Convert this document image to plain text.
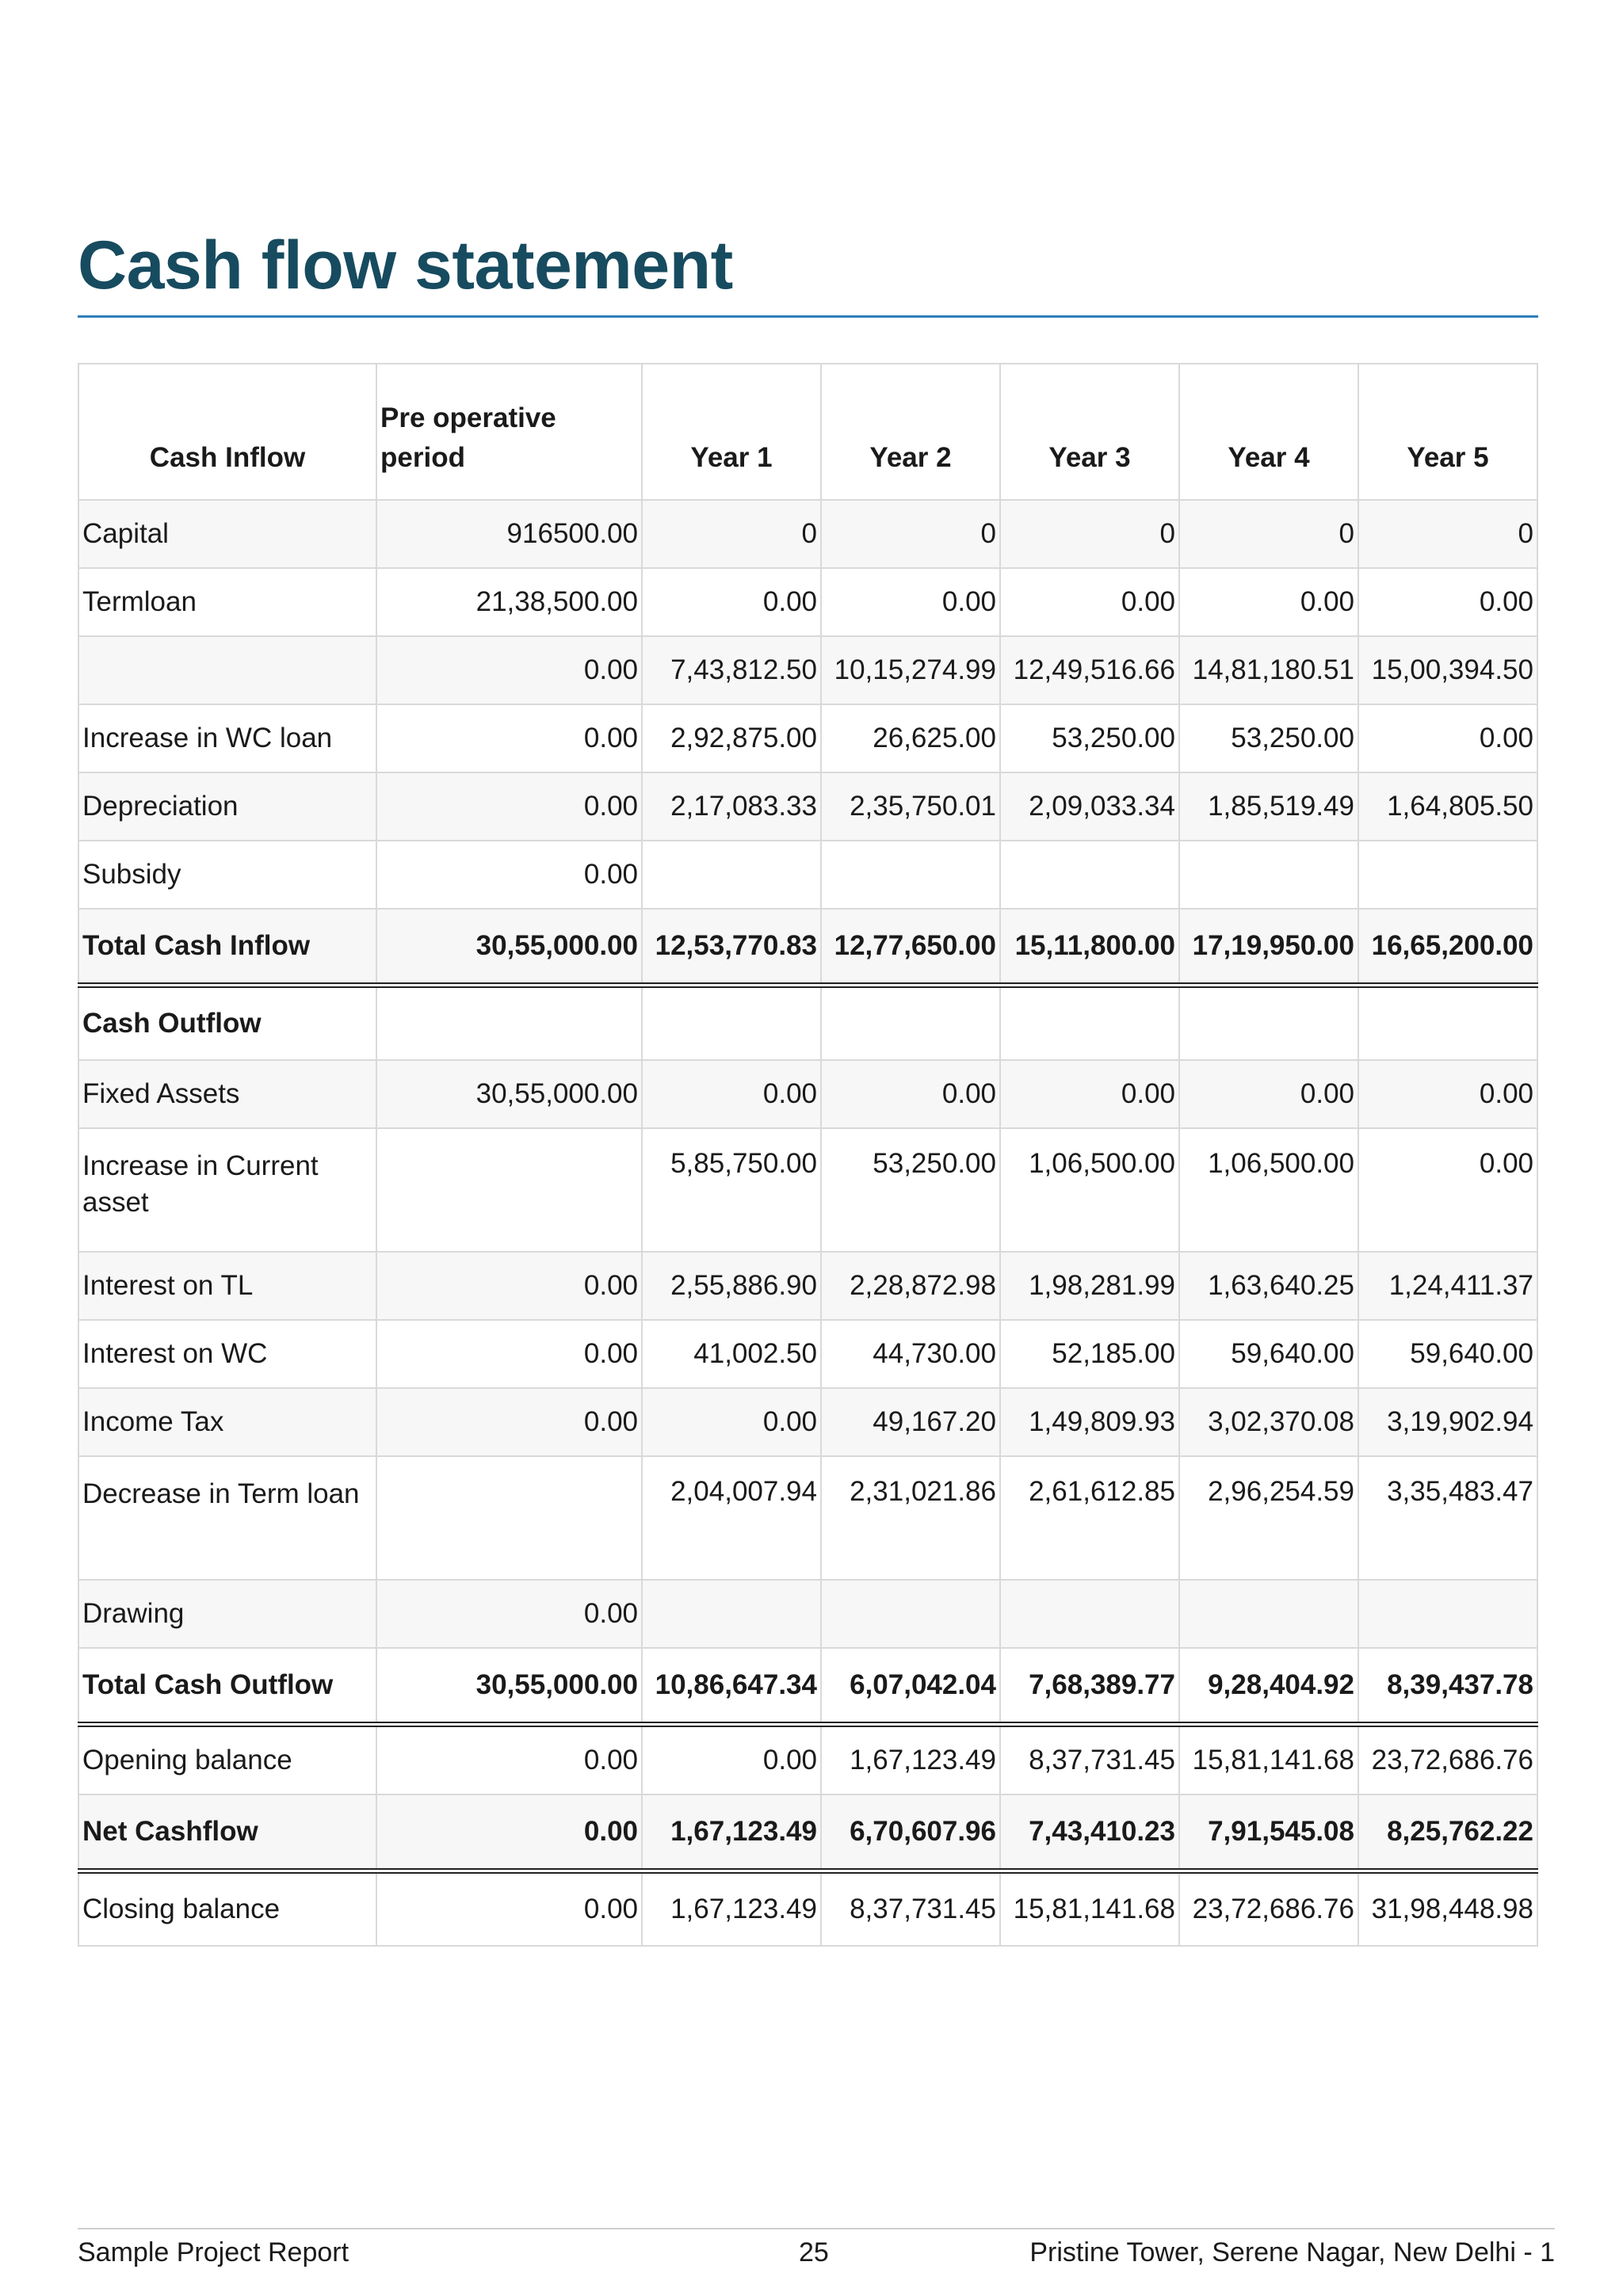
Cash flow statement
Cash Inflow	Pre operative period	Year 1	Year 2	Year 3	Year 4	Year 5
Capital	916500.00	0	0	0	0	0
Termloan	21,38,500.00	0.00	0.00	0.00	0.00	0.00
	0.00	7,43,812.50	10,15,274.99	12,49,516.66	14,81,180.51	15,00,394.50
Increase in WC loan	0.00	2,92,875.00	26,625.00	53,250.00	53,250.00	0.00
Depreciation	0.00	2,17,083.33	2,35,750.01	2,09,033.34	1,85,519.49	1,64,805.50
Subsidy	0.00					
Total Cash Inflow	30,55,000.00	12,53,770.83	12,77,650.00	15,11,800.00	17,19,950.00	16,65,200.00
Cash Outflow						
Fixed Assets	30,55,000.00	0.00	0.00	0.00	0.00	0.00
Increase in Current asset		5,85,750.00	53,250.00	1,06,500.00	1,06,500.00	0.00
Interest on TL	0.00	2,55,886.90	2,28,872.98	1,98,281.99	1,63,640.25	1,24,411.37
Interest on WC	0.00	41,002.50	44,730.00	52,185.00	59,640.00	59,640.00
Income Tax	0.00	0.00	49,167.20	1,49,809.93	3,02,370.08	3,19,902.94
Decrease in Term loan		2,04,007.94	2,31,021.86	2,61,612.85	2,96,254.59	3,35,483.47
Drawing	0.00					
Total Cash Outflow	30,55,000.00	10,86,647.34	6,07,042.04	7,68,389.77	9,28,404.92	8,39,437.78
Opening balance	0.00	0.00	1,67,123.49	8,37,731.45	15,81,141.68	23,72,686.76
Net Cashflow	0.00	1,67,123.49	6,70,607.96	7,43,410.23	7,91,545.08	8,25,762.22
Closing balance	0.00	1,67,123.49	8,37,731.45	15,81,141.68	23,72,686.76	31,98,448.98
Sample Project Report	25	Pristine Tower, Serene Nagar, New Delhi - 1
